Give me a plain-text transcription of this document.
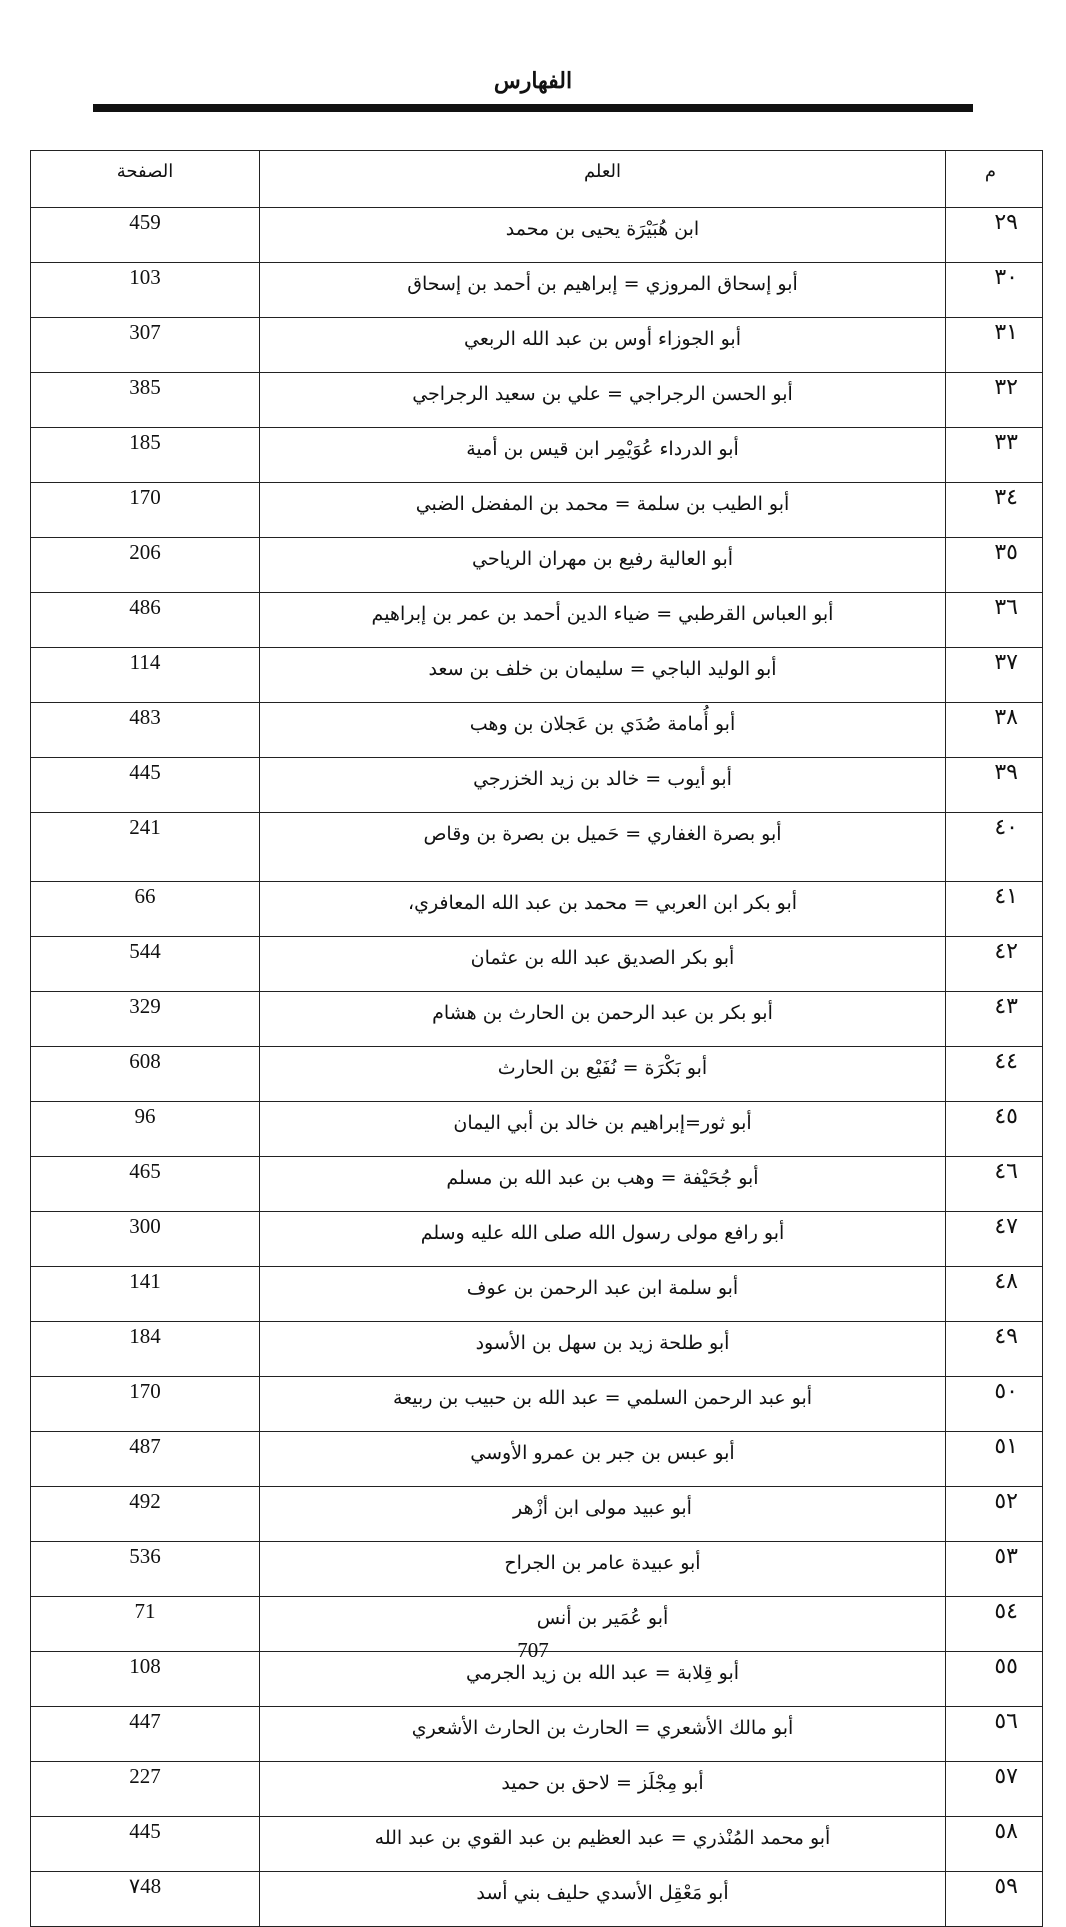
الفهارس
م	العلم	الصفحة
٢٩	ابن هُبَيْرَة يحيى بن محمد	459
٣٠	أبو إسحاق المروزي = إبراهيم بن أحمد بن إسحاق	103
٣١	أبو الجوزاء أوس بن عبد الله الربعي	307
٣٢	أبو الحسن الرجراجي = علي بن سعيد الرجراجي	385
٣٣	أبو الدرداء عُوَيْمِر ابن قيس بن أمية	185
٣٤	أبو الطيب بن سلمة = محمد بن المفضل الضبي	170
٣٥	أبو العالية رفيع بن مهران الرياحي	206
٣٦	أبو العباس القرطبي = ضياء الدين أحمد بن عمر بن إبراهيم	486
٣٧	أبو الوليد الباجي = سليمان بن خلف بن سعد	114
٣٨	أبو أُمامة صُدَي بن عَجلان بن وهب	483
٣٩	أبو أيوب = خالد بن زيد الخزرجي	445
٤٠	أبو بصرة الغفاري = حَميل بن بصرة بن وقاص	241
٤١	أبو بكر ابن العربي = محمد بن عبد الله المعافري،	66
٤٢	أبو بكر الصديق عبد الله بن عثمان	544
٤٣	أبو بكر بن عبد الرحمن بن الحارث بن هشام	329
٤٤	أبو بَكْرَة = نُفَيْع بن الحارث	608
٤٥	أبو ثور=إبراهيم بن خالد بن أبي اليمان	96
٤٦	أبو جُحَيْفة = وهب بن عبد الله بن مسلم	465
٤٧	أبو رافع مولى رسول الله صلى الله عليه وسلم	300
٤٨	أبو سلمة ابن عبد الرحمن بن عوف	141
٤٩	أبو طلحة زيد بن سهل بن الأسود	184
٥٠	أبو عبد الرحمن السلمي = عبد الله بن حبيب بن ربيعة	170
٥١	أبو عبس بن جبر بن عمرو الأوسي	487
٥٢	أبو عبيد مولى ابن أزْهر	492
٥٣	أبو عبيدة عامر بن الجراح	536
٥٤	أبو عُمَير بن أنس	71
٥٥	أبو قِلابة = عبد الله بن زيد الجرمي	108
٥٦	أبو مالك الأشعري = الحارث بن الحارث الأشعري	447
٥٧	أبو مِجْلَز = لاحق بن حميد	227
٥٨	أبو محمد المُنْذري = عبد العظيم بن عبد القوي بن عبد الله	445
٥٩	أبو مَعْقِل الأسدي حليف بني أسد	٧48
707
